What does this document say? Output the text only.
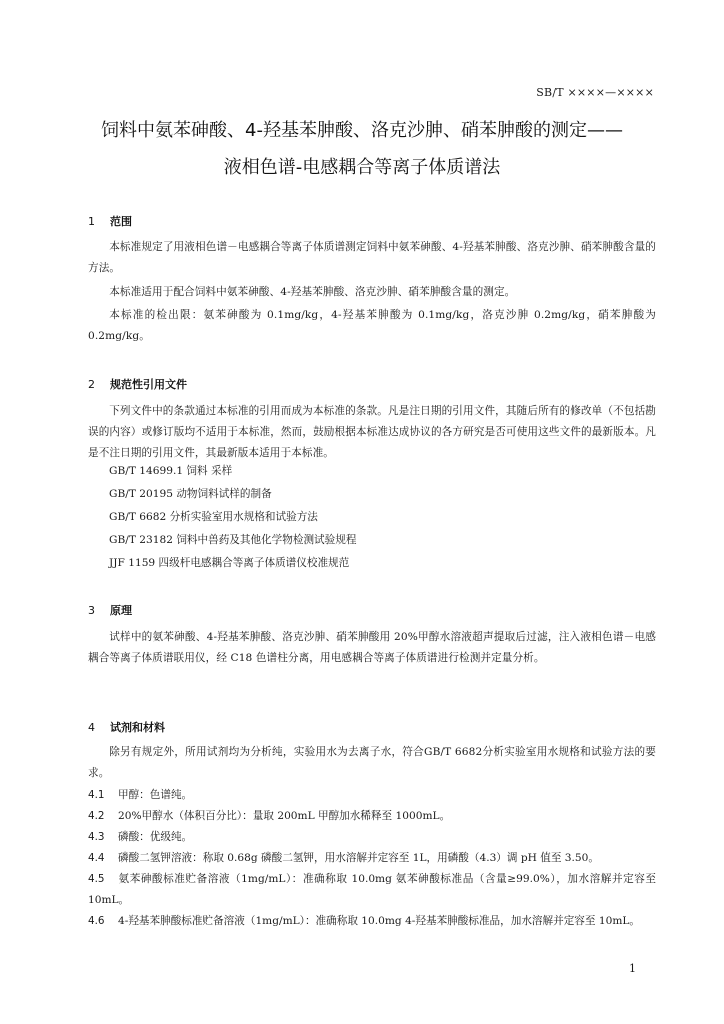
SB/T ××××—××××
饲料中氨苯砷酸、4-羟基苯胂酸、洛克沙胂、硝苯胂酸的测定——
液相色谱-电感耦合等离子体质谱法
1 范围
本标准规定了用液相色谱－电感耦合等离子体质谱测定饲料中氨苯砷酸、4-羟基苯胂酸、洛克沙胂、硝苯胂酸含量的方法。
本标准适用于配合饲料中氨苯砷酸、4-羟基苯胂酸、洛克沙胂、硝苯胂酸含量的测定。
本标准的检出限：氨苯砷酸为 0.1mg/kg，4-羟基苯胂酸为 0.1mg/kg，洛克沙胂 0.2mg/kg，硝苯胂酸为 0.2mg/kg。
2 规范性引用文件
下列文件中的条款通过本标准的引用而成为本标准的条款。凡是注日期的引用文件，其随后所有的修改单（不包括勘误的内容）或修订版均不适用于本标准，然而，鼓励根据本标准达成协议的各方研究是否可使用这些文件的最新版本。凡是不注日期的引用文件，其最新版本适用于本标准。
GB/T 14699.1 饲料 采样
GB/T 20195 动物饲料试样的制备
GB/T 6682 分析实验室用水规格和试验方法
GB/T 23182 饲料中兽药及其他化学物检测试验规程
JJF 1159 四级杆电感耦合等离子体质谱仪校准规范
3 原理
试样中的氨苯砷酸、4-羟基苯胂酸、洛克沙胂、硝苯胂酸用 20%甲醇水溶液超声提取后过滤，注入液相色谱－电感耦合等离子体质谱联用仪，经 C18 色谱柱分离，用电感耦合等离子体质谱进行检测并定量分析。
4 试剂和材料
除另有规定外，所用试剂均为分析纯，实验用水为去离子水，符合GB/T 6682分析实验室用水规格和试验方法的要求。
4.1 甲醇：色谱纯。
4.2 20%甲醇水（体积百分比）：量取 200mL 甲醇加水稀释至 1000mL。
4.3 磷酸：优级纯。
4.4 磷酸二氢钾溶液：称取 0.68g 磷酸二氢钾，用水溶解并定容至 1L，用磷酸（4.3）调 pH 值至 3.50。
4.5 氨苯砷酸标准贮备溶液（1mg/mL）：准确称取 10.0mg 氨苯砷酸标准品（含量≥99.0%），加水溶解并定容至 10mL。
4.6 4-羟基苯胂酸标准贮备溶液（1mg/mL）：准确称取 10.0mg 4-羟基苯胂酸标准品，加水溶解并定容至 10mL。
1
